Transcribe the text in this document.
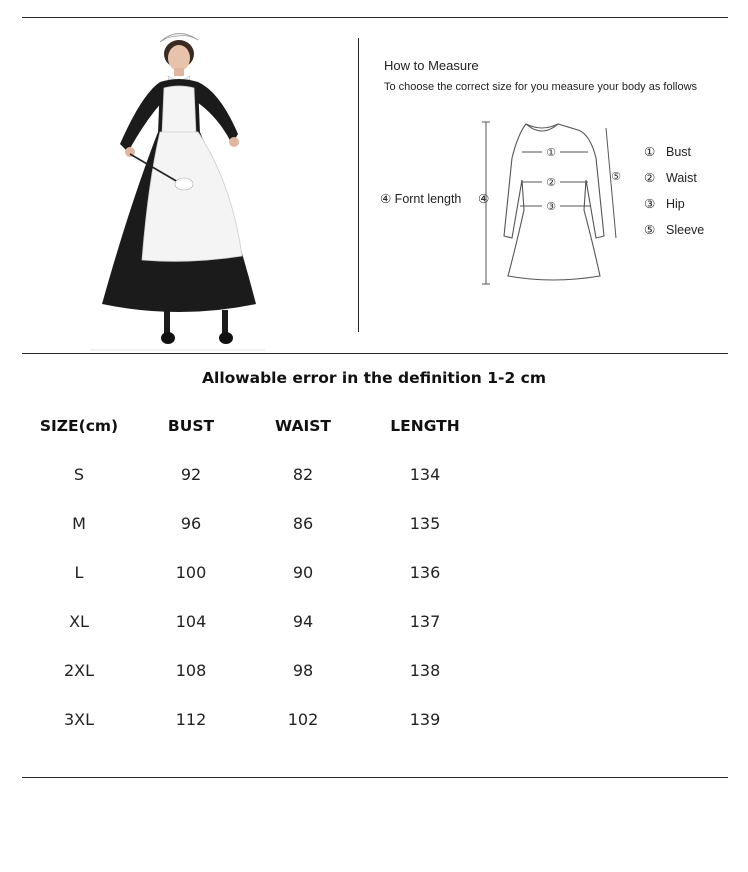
How to Measure
To choose the correct size for you measure your body as follows
④ Fornt length
①
②
③
⑤
④
① Bust
② Waist
③ Hip
⑤ Sleeve
Allowable error in the definition 1-2 cm
SIZE(cm)	BUST	WAIST	LENGTH
S	92	82	134
M	96	86	135
L	100	90	136
XL	104	94	137
2XL	108	98	138
3XL	112	102	139
